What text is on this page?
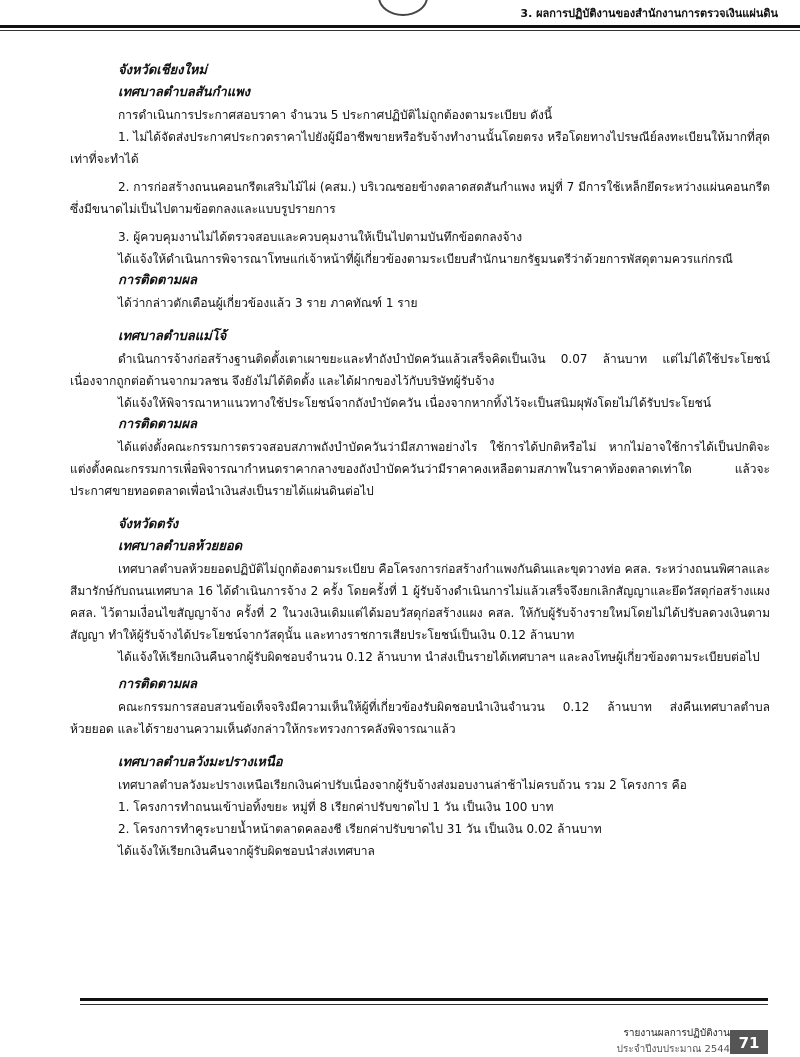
3. ผลการปฏิบัติงานของสำนักงานการตรวจเงินแผ่นดิน
จังหวัดเชียงใหม่
เทศบาลตำบลสันกำแพง

การดำเนินการประกาศสอบราคา จำนวน 5 ประกาศปฏิบัติไม่ถูกต้องตามระเบียบ ดังนี้

1. ไม่ได้จัดส่งประกาศประกวดราคาไปยังผู้มีอาชีพขายหรือรับจ้างทำงานนั้นโดยตรง หรือโดยทางไปรษณีย์ลงทะเบียนให้มากที่สุดเท่าที่จะทำได้

2. การก่อสร้างถนนคอนกรีตเสริมไม้ไผ่ (คสม.) บริเวณซอยข้างตลาดสดสันกำแพง หมู่ที่ 7 มีการใช้เหล็กยึดระหว่างแผ่นคอนกรีตซึ่งมีขนาดไม่เป็นไปตามข้อตกลงและแบบรูปรายการ

3. ผู้ควบคุมงานไม่ได้ตรวจสอบและควบคุมงานให้เป็นไปตามบันทึกข้อตกลงจ้าง

ได้แจ้งให้ดำเนินการพิจารณาโทษแก่เจ้าหน้าที่ผู้เกี่ยวข้องตามระเบียบสำนักนายกรัฐมนตรีว่าด้วยการพัสดุตามควรแก่กรณี

การติดตามผล

ได้ว่ากล่าวตักเตือนผู้เกี่ยวข้องแล้ว 3 ราย ภาคทัณฑ์ 1 ราย

เทศบาลตำบลแม่โจ้

ดำเนินการจ้างก่อสร้างฐานติดตั้งเตาเผาขยะและทำถังบำบัดควันแล้วเสร็จคิดเป็นเงิน 0.07 ล้านบาท แต่ไม่ได้ใช้ประโยชน์เนื่องจากถูกต่อต้านจากมวลชน จึงยังไม่ได้ติดตั้ง และได้ฝากของไว้กับบริษัทผู้รับจ้าง

ได้แจ้งให้พิจารณาหาแนวทางใช้ประโยชน์จากถังบำบัดควัน เนื่องจากหากทิ้งไว้จะเป็นสนิมผุพังโดยไม่ได้รับประโยชน์

การติดตามผล

ได้แต่งตั้งคณะกรรมการตรวจสอบสภาพถังบำบัดควันว่ามีสภาพอย่างไร ใช้การได้ปกติหรือไม่ หากไม่อาจใช้การได้เป็นปกติจะแต่งตั้งคณะกรรมการเพื่อพิจารณากำหนดราคากลางของถังบำบัดควันว่ามีราคาคงเหลือตามสภาพในราคาท้องตลาดเท่าใด แล้วจะประกาศขายทอดตลาดเพื่อนำเงินส่งเป็นรายได้แผ่นดินต่อไป

จังหวัดตรัง
เทศบาลตำบลห้วยยอด

เทศบาลตำบลห้วยยอดปฏิบัติไม่ถูกต้องตามระเบียบ คือโครงการก่อสร้างกำแพงกันดินและขุดวางท่อ คสล. ระหว่างถนนพิศาลและสีมารักษ์กับถนนเทศบาล 16 ได้ดำเนินการจ้าง 2 ครั้ง โดยครั้งที่ 1 ผู้รับจ้างดำเนินการไม่แล้วเสร็จจึงยกเลิกสัญญาและยึดวัสดุก่อสร้างแผง คสล. ไว้ตามเงื่อนไขสัญญาจ้าง ครั้งที่ 2 ในวงเงินเดิมแต่ได้มอบวัสดุก่อสร้างแผง คสล. ให้กับผู้รับจ้างรายใหม่โดยไม่ได้ปรับลดวงเงินตามสัญญา ทำให้ผู้รับจ้างได้ประโยชน์จากวัสดุนั้น และทางราชการเสียประโยชน์เป็นเงิน 0.12 ล้านบาท

ได้แจ้งให้เรียกเงินคืนจากผู้รับผิดชอบจำนวน 0.12 ล้านบาท นำส่งเป็นรายได้เทศบาลฯ และลงโทษผู้เกี่ยวข้องตามระเบียบต่อไป

การติดตามผล

คณะกรรมการสอบสวนข้อเท็จจริงมีความเห็นให้ผู้ที่เกี่ยวข้องรับผิดชอบนำเงินจำนวน 0.12 ล้านบาท ส่งคืนเทศบาลตำบลห้วยยอด และได้รายงานความเห็นดังกล่าวให้กระทรวงการคลังพิจารณาแล้ว

เทศบาลตำบลวังมะปรางเหนือ

เทศบาลตำบลวังมะปรางเหนือเรียกเงินค่าปรับเนื่องจากผู้รับจ้างส่งมอบงานล่าช้าไม่ครบถ้วน รวม 2 โครงการ คือ

1. โครงการทำถนนเข้าบ่อทิ้งขยะ หมู่ที่ 8 เรียกค่าปรับขาดไป 1 วัน เป็นเงิน 100 บาท

2. โครงการทำคูระบายน้ำหน้าตลาดคลองชี เรียกค่าปรับขาดไป 31 วัน เป็นเงิน 0.02 ล้านบาท

ได้แจ้งให้เรียกเงินคืนจากผู้รับผิดชอบนำส่งเทศบาล

รายงานผลการปฏิบัติงาน
ประจำปีงบประมาณ 2544 71
